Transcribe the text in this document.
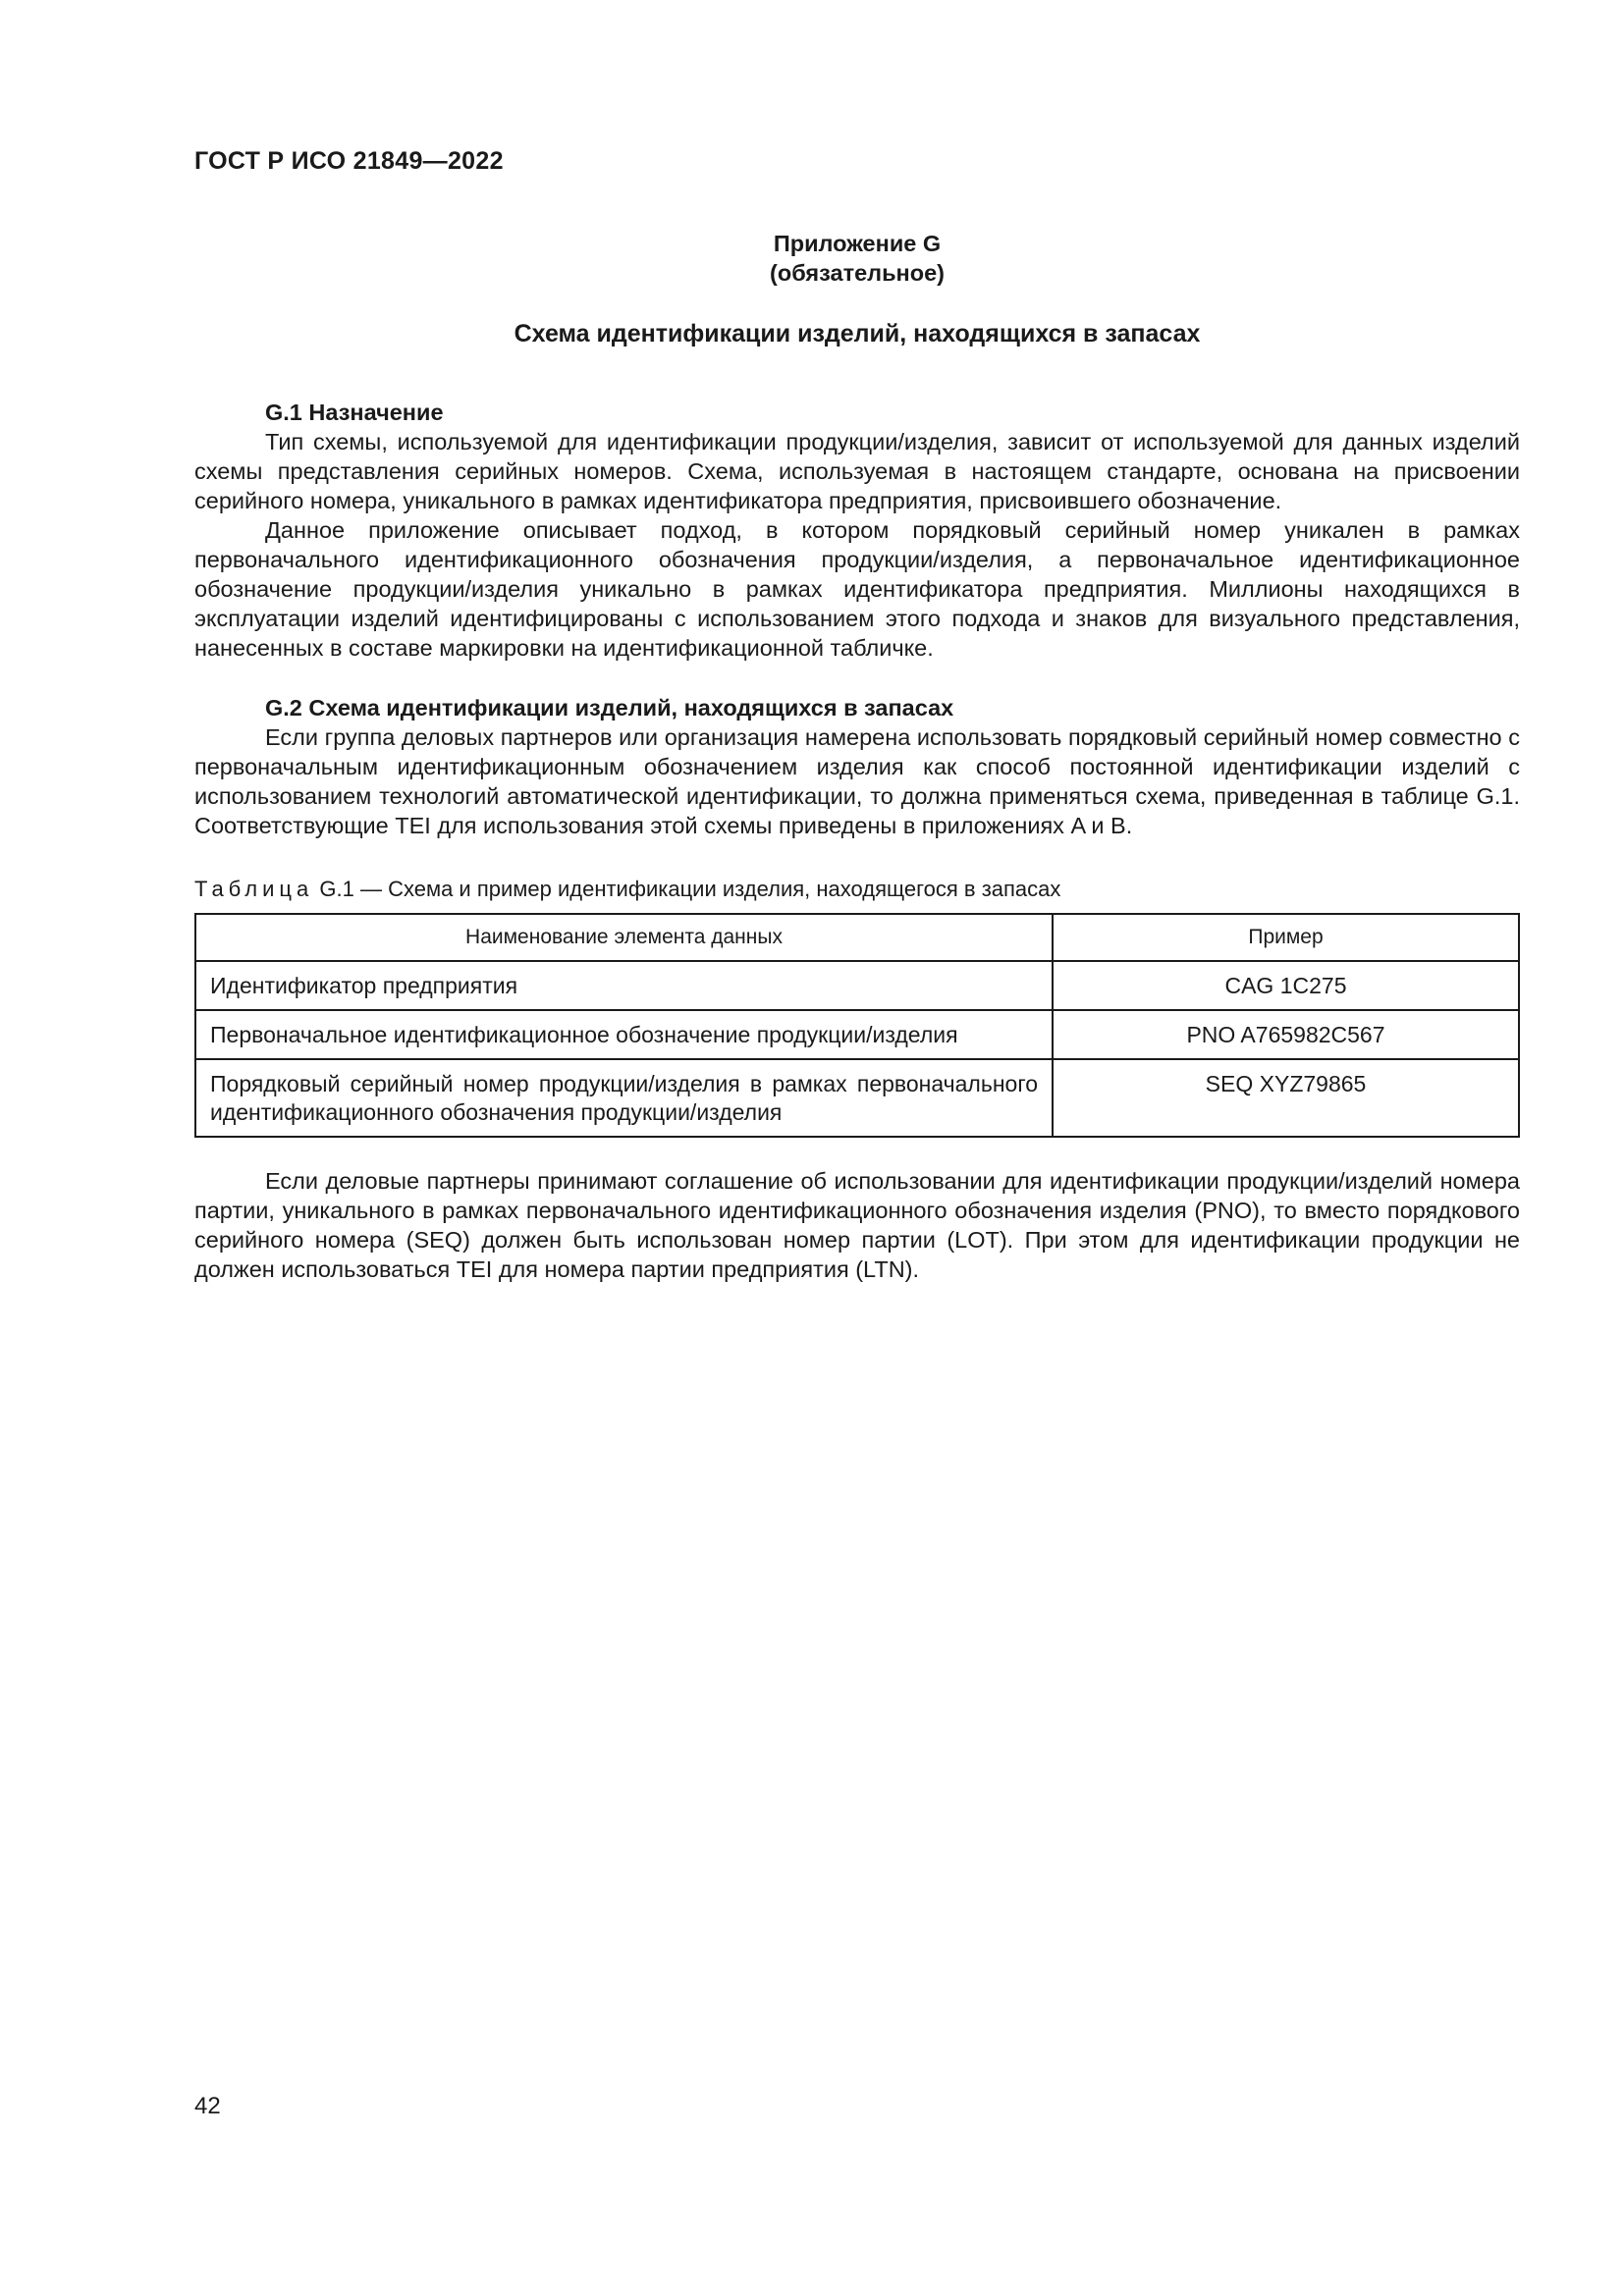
ГОСТ Р ИСО 21849—2022
Приложение G
(обязательное)
Схема идентификации изделий, находящихся в запасах

G.1 Назначение

Тип схемы, используемой для идентификации продукции/изделия, зависит от используемой для данных изделий схемы представления серийных номеров. Схема, используемая в настоящем стандарте, основана на присвоении серийного номера, уникального в рамках идентификатора предприятия, присвоившего обозначение.

Данное приложение описывает подход, в котором порядковый серийный номер уникален в рамках первоначального идентификационного обозначения продукции/изделия, а первоначальное идентификационное обозначение продукции/изделия уникально в рамках идентификатора предприятия. Миллионы находящихся в эксплуатации изделий идентифицированы с использованием этого подхода и знаков для визуального представления, нанесенных в составе маркировки на идентификационной табличке.

G.2 Схема идентификации изделий, находящихся в запасах

Если группа деловых партнеров или организация намерена использовать порядковый серийный номер совместно с первоначальным идентификационным обозначением изделия как способ постоянной идентификации изделий с использованием технологий автоматической идентификации, то должна применяться схема, приведенная в таблице G.1. Соответствующие TEI для использования этой схемы приведены в приложениях A и B.

Таблица G.1 — Схема и пример идентификации изделия, находящегося в запасах
Наименование элемента данных	Пример
Идентификатор предприятия	CAG 1C275
Первоначальное идентификационное обозначение продукции/изделия	PNO A765982C567
Порядковый серийный номер продукции/изделия в рамках первоначального идентификационного обозначения продукции/изделия	SEQ XYZ79865

Если деловые партнеры принимают соглашение об использовании для идентификации продукции/изделий номера партии, уникального в рамках первоначального идентификационного обозначения изделия (PNO), то вместо порядкового серийного номера (SEQ) должен быть использован номер партии (LOT). При этом для идентификации продукции не должен использоваться TEI для номера партии предприятия (LTN).

42
